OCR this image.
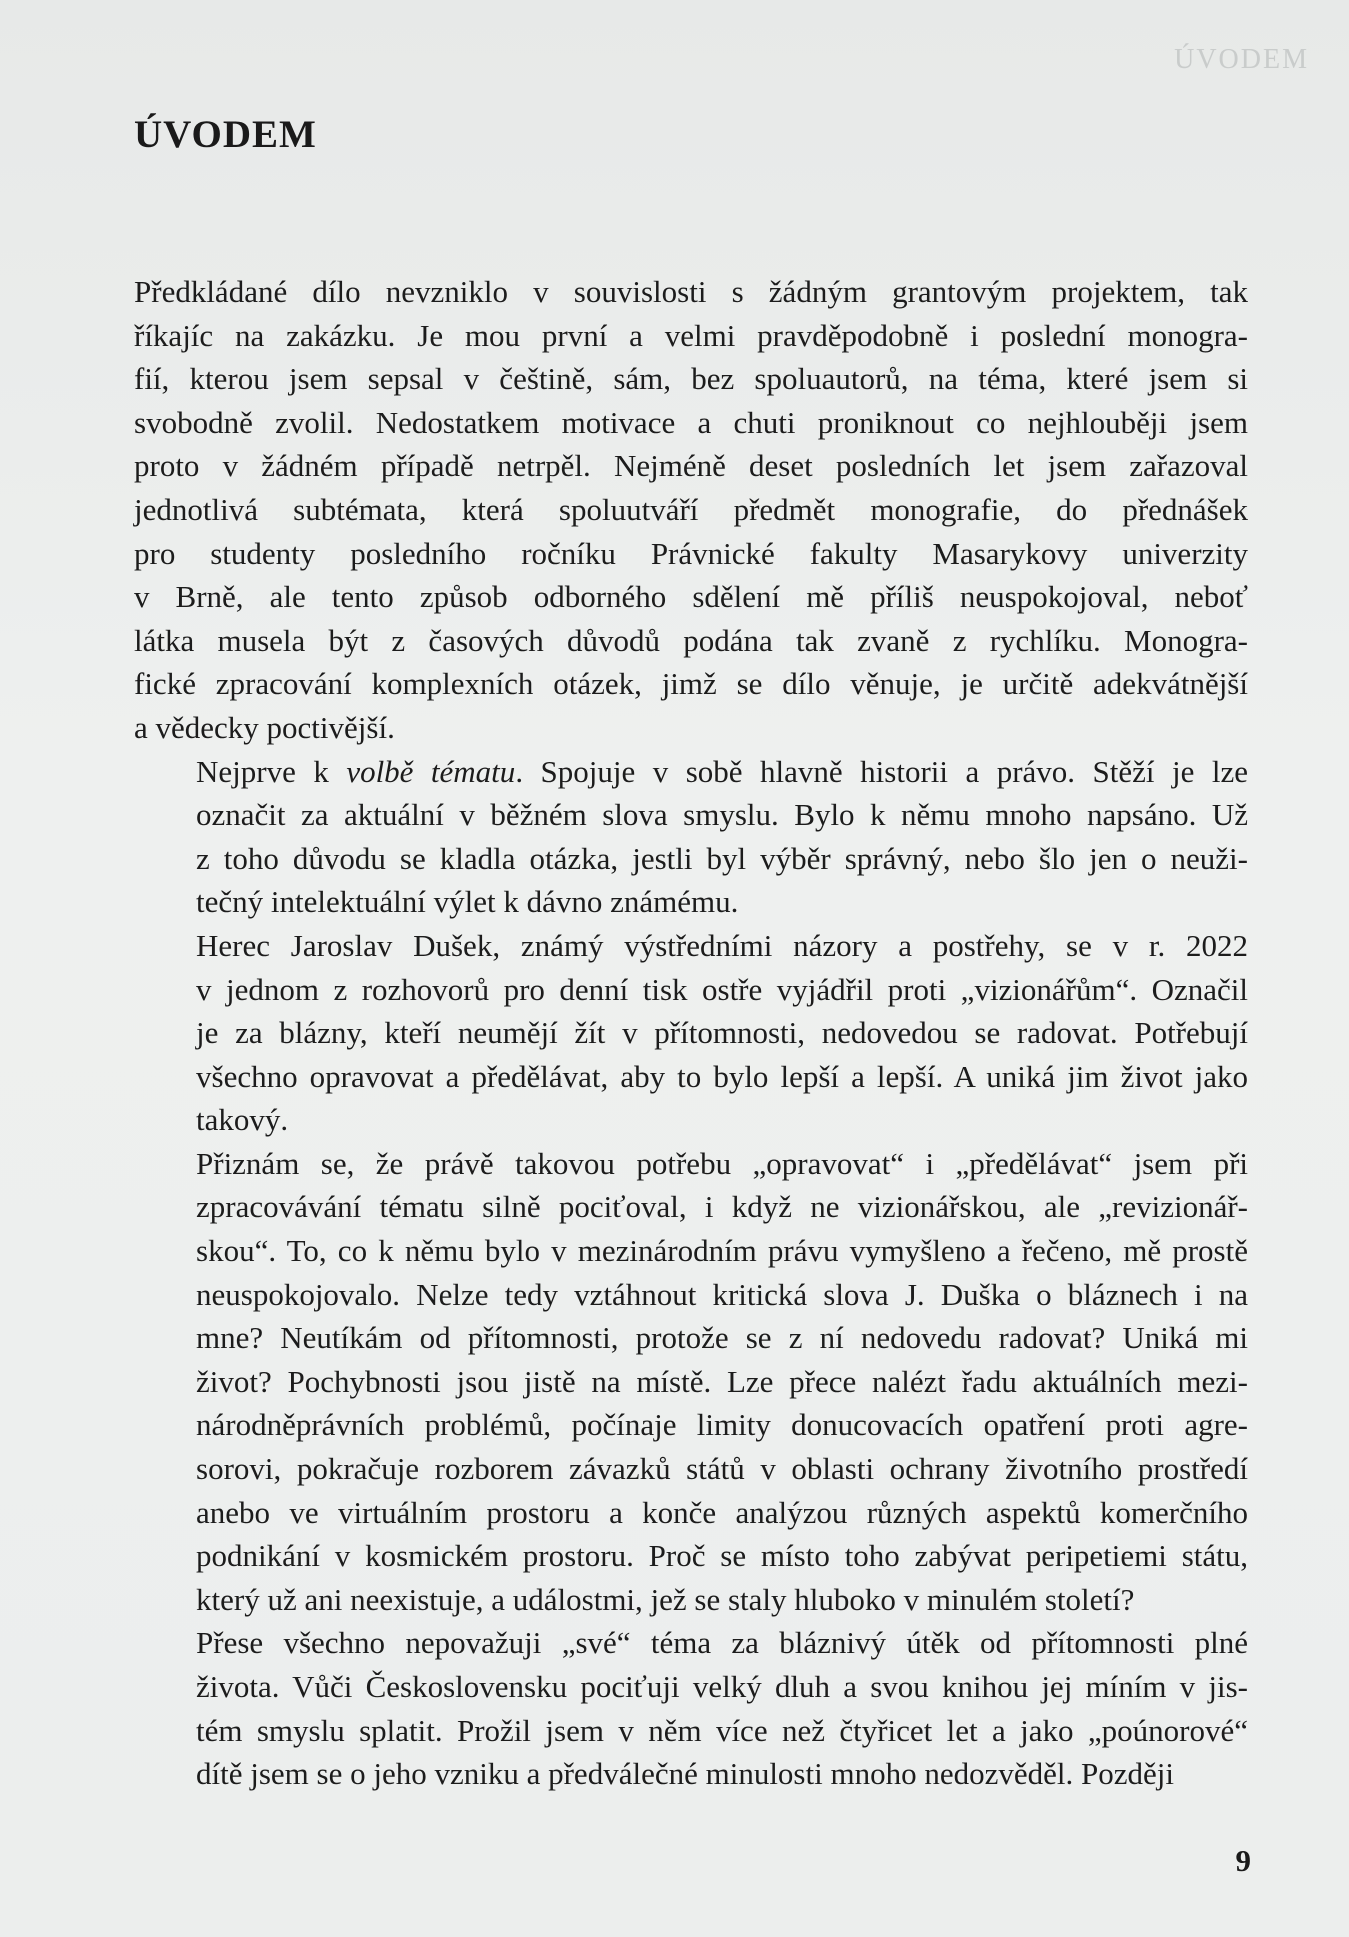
ÚVODEM
ÚVODEM

Předkládané dílo nevzniklo v souvislosti s žádným grantovým projektem, tak
říkajíc na zakázku. Je mou první a velmi pravděpodobně i poslední monogra-
fií, kterou jsem sepsal v češtině, sám, bez spoluautorů, na téma, které jsem si
svobodně zvolil. Nedostatkem motivace a chuti proniknout co nejhlouběji jsem
proto v žádném případě netrpěl. Nejméně deset posledních let jsem zařazoval
jednotlivá subtémata, která spoluutváří předmět monografie, do přednášek
pro studenty posledního ročníku Právnické fakulty Masarykovy univerzity
v Brně, ale tento způsob odborného sdělení mě příliš neuspokojoval, neboť
látka musela být z časových důvodů podána tak zvaně z rychlíku. Monogra-
fické zpracování komplexních otázek, jimž se dílo věnuje, je určitě adekvátnější
a vědecky poctivější.

Nejprve k volbě tématu. Spojuje v sobě hlavně historii a právo. Stěží je lze
označit za aktuální v běžném slova smyslu. Bylo k němu mnoho napsáno. Už
z toho důvodu se kladla otázka, jestli byl výběr správný, nebo šlo jen o neuži-
tečný intelektuální výlet k dávno známému.

Herec Jaroslav Dušek, známý výstředními názory a postřehy, se v r. 2022
v jednom z rozhovorů pro denní tisk ostře vyjádřil proti „vizionářům“. Označil
je za blázny, kteří neumějí žít v přítomnosti, nedovedou se radovat. Potřebují
všechno opravovat a předělávat, aby to bylo lepší a lepší. A uniká jim život jako
takový.

Přiznám se, že právě takovou potřebu „opravovat“ i „předělávat“ jsem při
zpracovávání tématu silně pociťoval, i když ne vizionářskou, ale „revizionář-
skou“. To, co k němu bylo v mezinárodním právu vymyšleno a řečeno, mě prostě
neuspokojovalo. Nelze tedy vztáhnout kritická slova J. Duška o bláznech i na
mne? Neutíkám od přítomnosti, protože se z ní nedovedu radovat? Uniká mi
život? Pochybnosti jsou jistě na místě. Lze přece nalézt řadu aktuálních mezi-
národněprávních problémů, počínaje limity donucovacích opatření proti agre-
sorovi, pokračuje rozborem závazků států v oblasti ochrany životního prostředí
anebo ve virtuálním prostoru a konče analýzou různých aspektů komerčního
podnikání v kosmickém prostoru. Proč se místo toho zabývat peripetiemi státu,
který už ani neexistuje, a událostmi, jež se staly hluboko v minulém století?

Přese všechno nepovažuji „své“ téma za bláznivý útěk od přítomnosti plné
života. Vůči Československu pociťuji velký dluh a svou knihou jej míním v jis-
tém smyslu splatit. Prožil jsem v něm více než čtyřicet let a jako „poúnorové“
dítě jsem se o jeho vzniku a předválečné minulosti mnoho nedozvěděl. Později

9
